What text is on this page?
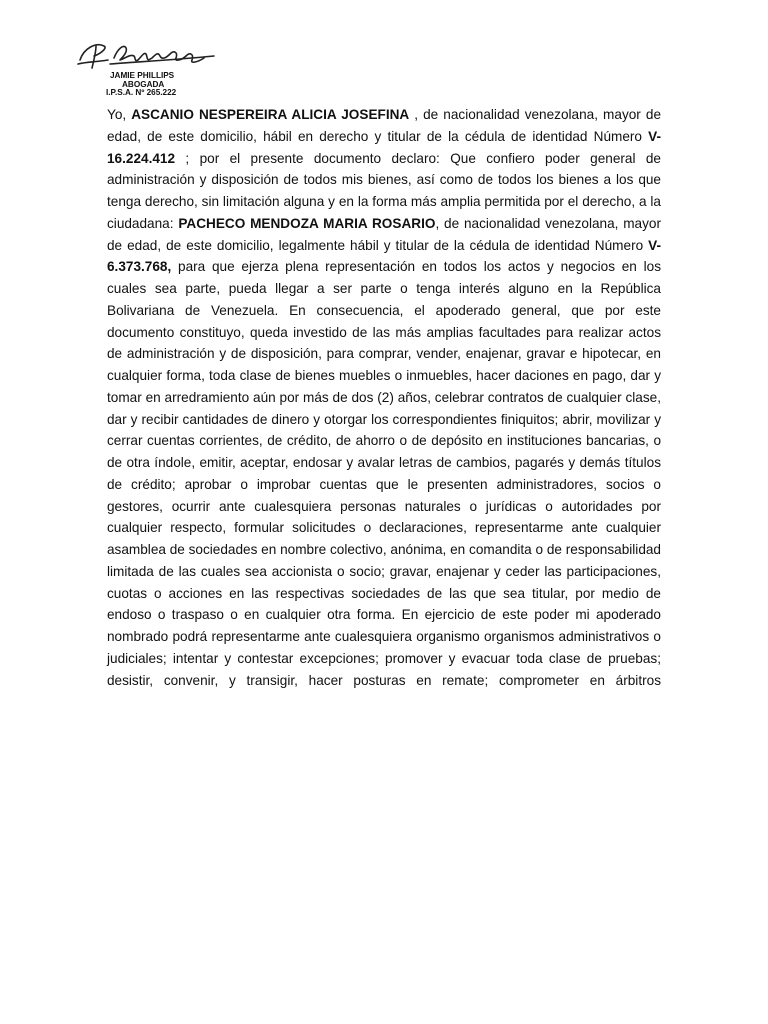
JAMIE PHILLIPS
ABOGADA
I.P.S.A. Nº 265.222

Yo, ASCANIO NESPEREIRA ALICIA JOSEFINA , de nacionalidad venezolana, mayor de edad, de este domicilio, hábil en derecho y titular de la cédula de identidad Número V-16.224.412 ; por el presente documento declaro: Que confiero poder general de administración y disposición de todos mis bienes, así como de todos los bienes a los que tenga derecho, sin limitación alguna y en la forma más amplia permitida por el derecho, a la ciudadana: PACHECO MENDOZA MARIA ROSARIO, de nacionalidad venezolana, mayor de edad, de este domicilio, legalmente hábil y titular de la cédula de identidad Número V-6.373.768, para que ejerza plena representación en todos los actos y negocios en los cuales sea parte, pueda llegar a ser parte o tenga interés alguno en la República Bolivariana de Venezuela. En consecuencia, el apoderado general, que por este documento constituyo, queda investido de las más amplias facultades para realizar actos de administración y de disposición, para comprar, vender, enajenar, gravar e hipotecar, en cualquier forma, toda clase de bienes muebles o inmuebles, hacer daciones en pago, dar y tomar en arredramiento aún por más de dos (2) años, celebrar contratos de cualquier clase, dar y recibir cantidades de dinero y otorgar los correspondientes finiquitos; abrir, movilizar y cerrar cuentas corrientes, de crédito, de ahorro o de depósito en instituciones bancarias, o de otra índole, emitir, aceptar, endosar y avalar letras de cambios, pagarés y demás títulos de crédito; aprobar o improbar cuentas que le presenten administradores, socios o gestores, ocurrir ante cualesquiera personas naturales o jurídicas o autoridades por cualquier respecto, formular solicitudes o declaraciones, representarme ante cualquier asamblea de sociedades en nombre colectivo, anónima, en comandita o de responsabilidad limitada de las cuales sea accionista o socio; gravar, enajenar y ceder las participaciones, cuotas o acciones en las respectivas sociedades de las que sea titular, por medio de endoso o traspaso o en cualquier otra forma. En ejercicio de este poder mi apoderado nombrado podrá representarme ante cualesquiera organismo organismos administrativos o judiciales; intentar y contestar excepciones; promover y evacuar toda clase de pruebas; desistir, convenir, y transigir, hacer posturas en remate; comprometer en árbitros
